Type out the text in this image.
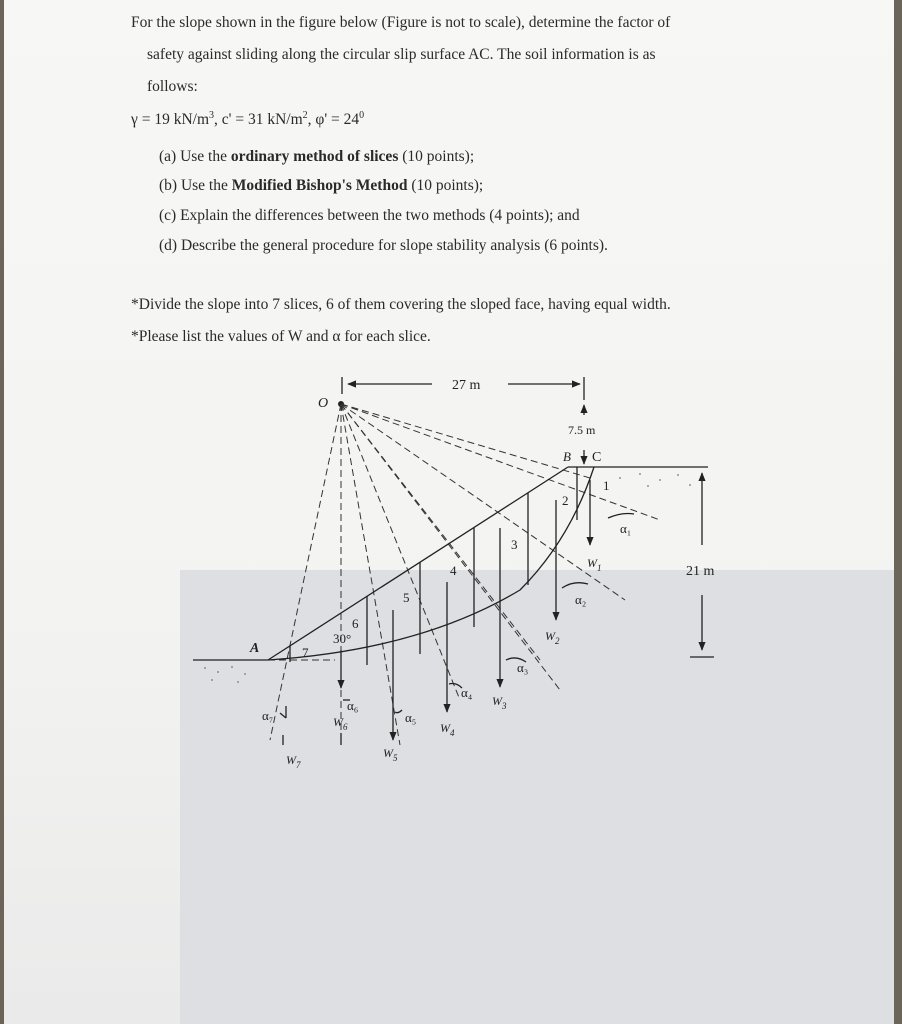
For the slope shown in the figure below (Figure is not to scale), determine the factor of
safety against sliding along the circular slip surface AC. The soil information is as
follows:
γ = 19 $kN/m^3$, c' = 31 $kN/m^2$, $\varphi' = 24^0$
(a) Use the ordinary method of slices (10 points);
(b) Use the Modified Bishop's Method (10 points);
(c) Explain the differences between the two methods (4 points); and
(d) Describe the general procedure for slope stability analysis (6 points).
*Divide the slope into 7 slices, 6 of them covering the sloped face, having equal width.
*Please list the values of W and α for each slice.
27 m
7.5 m
B C
O
A
1
2
3
4
5
6
7
30°
$W_1$
$W_2$
$W_3$
$W_4$
$W_5$
$W_6$
$W_7$
α₁
α₂
α₃
α₄
α₅
α₆
α₇
21 m
